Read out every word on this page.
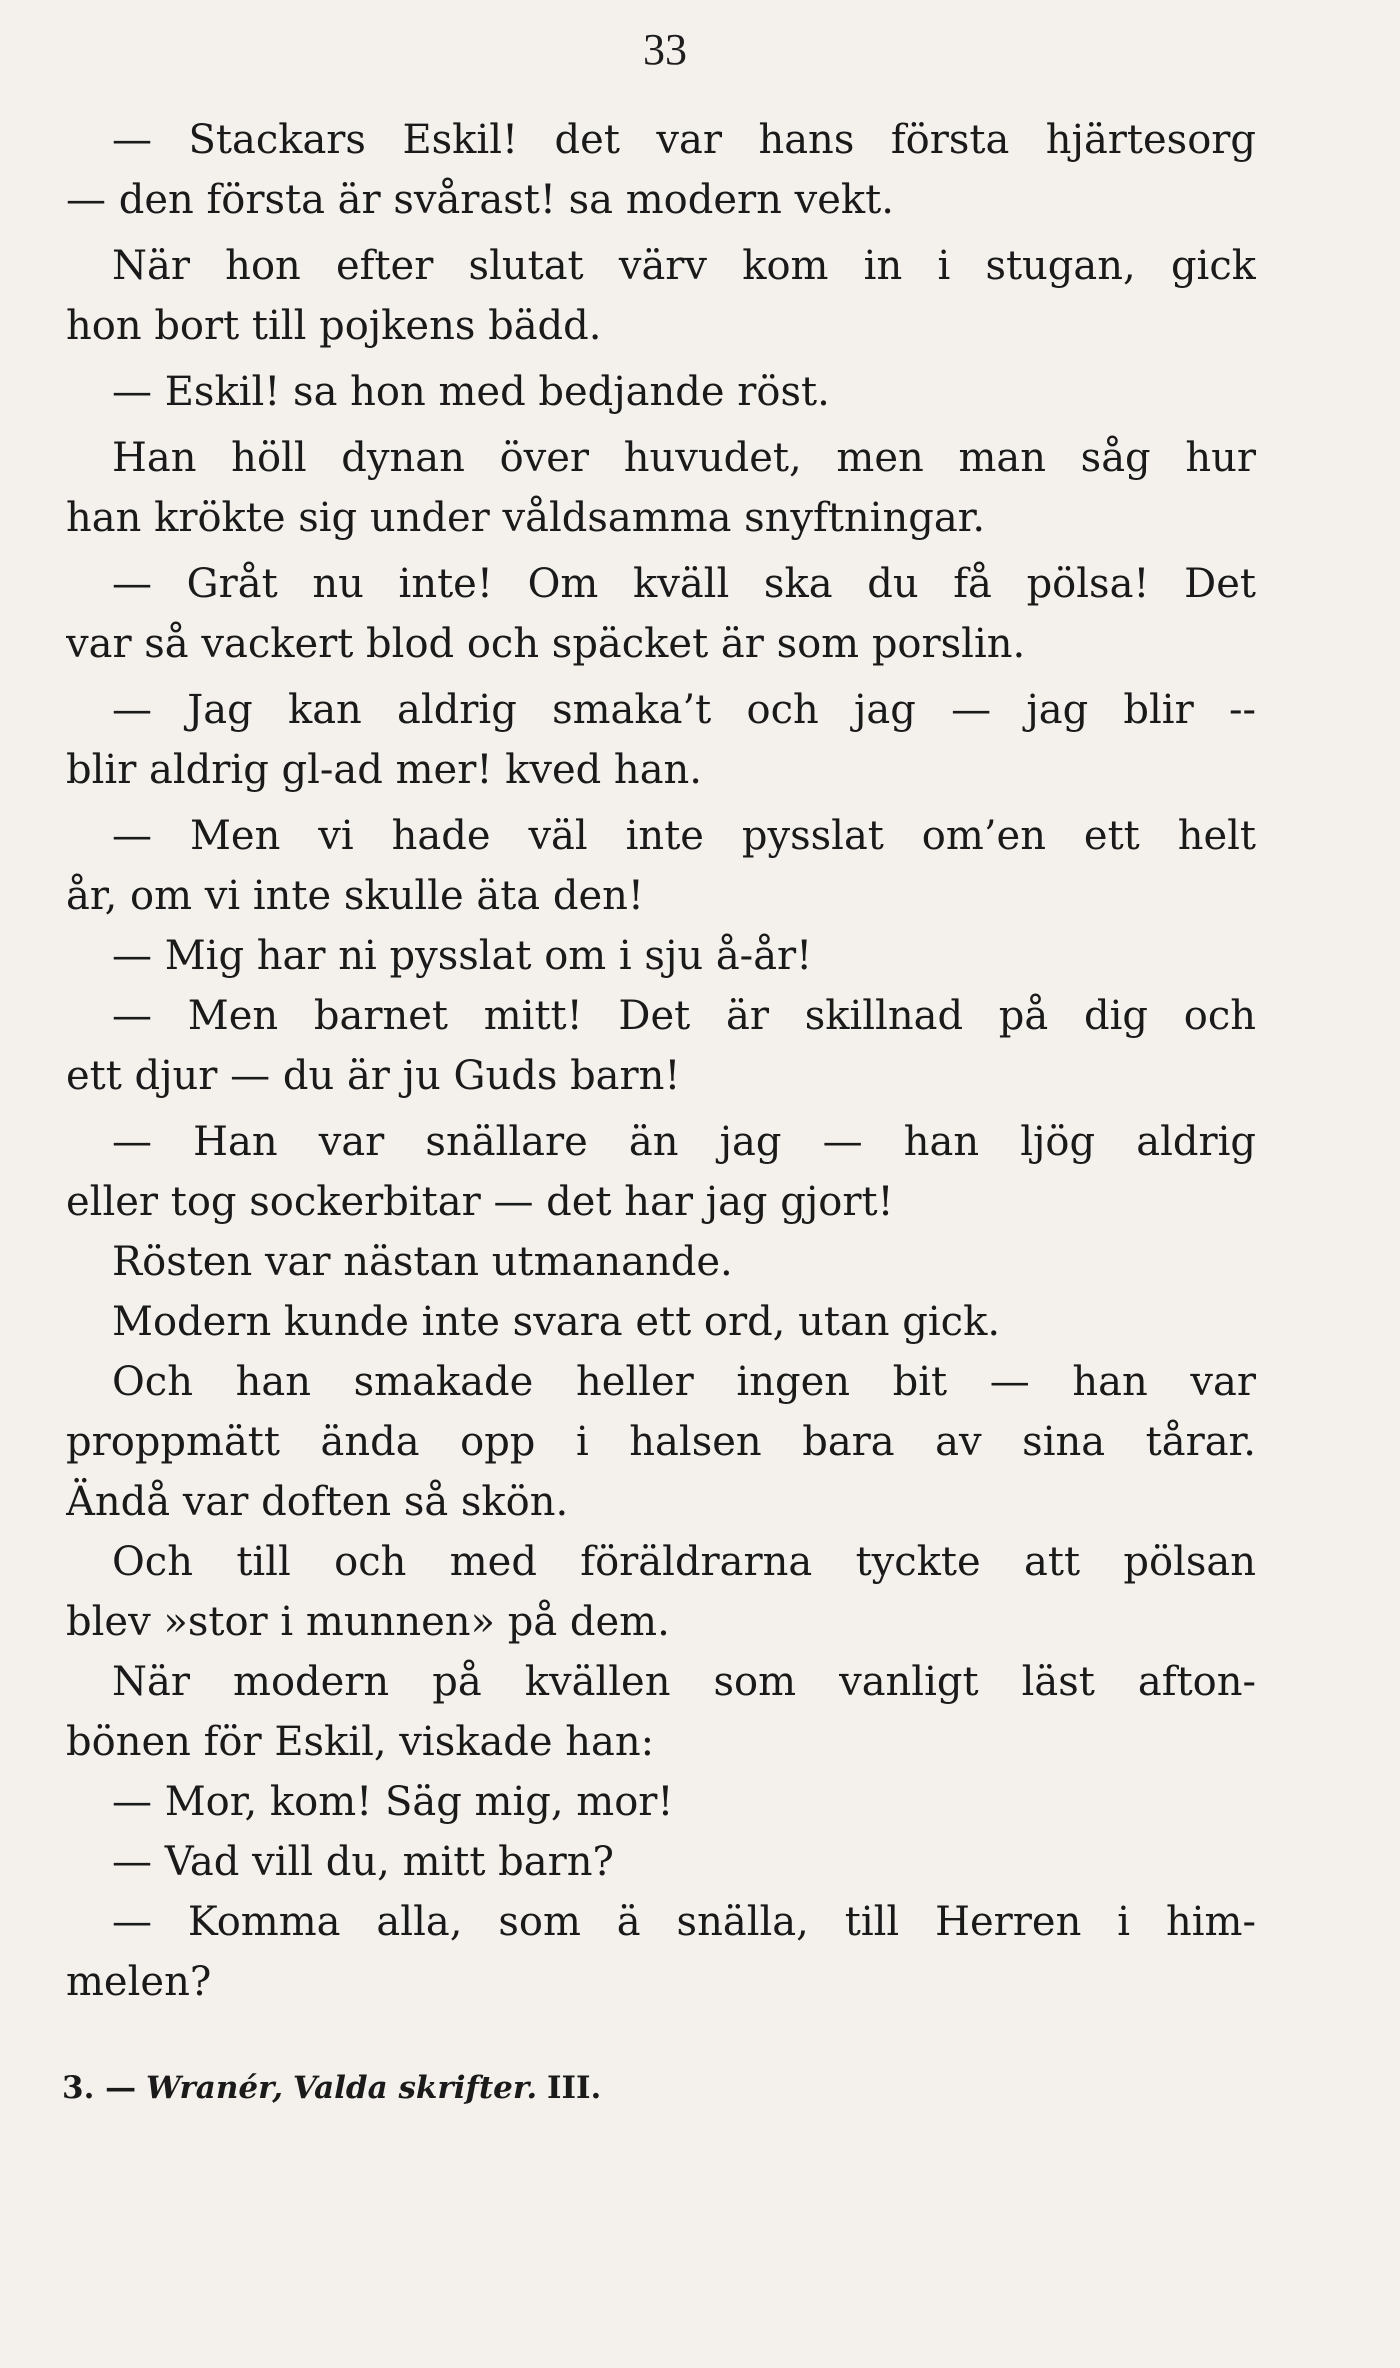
33
— Stackars Eskil! det var hans första hjärtesorg
— den första är svårast! sa modern vekt.
När hon efter slutat värv kom in i stugan, gick
hon bort till pojkens bädd.
— Eskil! sa hon med bedjande röst.
Han höll dynan över huvudet, men man såg hur
han krökte sig under våldsamma snyftningar.
— Gråt nu inte! Om kväll ska du få pölsa! Det
var så vackert blod och späcket är som porslin.
— Jag kan aldrig smaka’t och jag — jag blir --
blir aldrig gl-ad mer! kved han.
— Men vi hade väl inte pysslat om’en ett helt
år, om vi inte skulle äta den!
— Mig har ni pysslat om i sju å-år!
— Men barnet mitt! Det är skillnad på dig och
ett djur — du är ju Guds barn!
— Han var snällare än jag — han ljög aldrig
eller tog sockerbitar — det har jag gjort!
Rösten var nästan utmanande.
Modern kunde inte svara ett ord, utan gick.
Och han smakade heller ingen bit — han var
proppmätt ända opp i halsen bara av sina tårar.
Ändå var doften så skön.
Och till och med föräldrarna tyckte att pölsan
blev »stor i munnen» på dem.
När modern på kvällen som vanligt läst afton-
bönen för Eskil, viskade han:
— Mor, kom! Säg mig, mor!
— Vad vill du, mitt barn?
— Komma alla, som ä snälla, till Herren i him-
melen?
3. — Wranér, Valda skrifter. III.
